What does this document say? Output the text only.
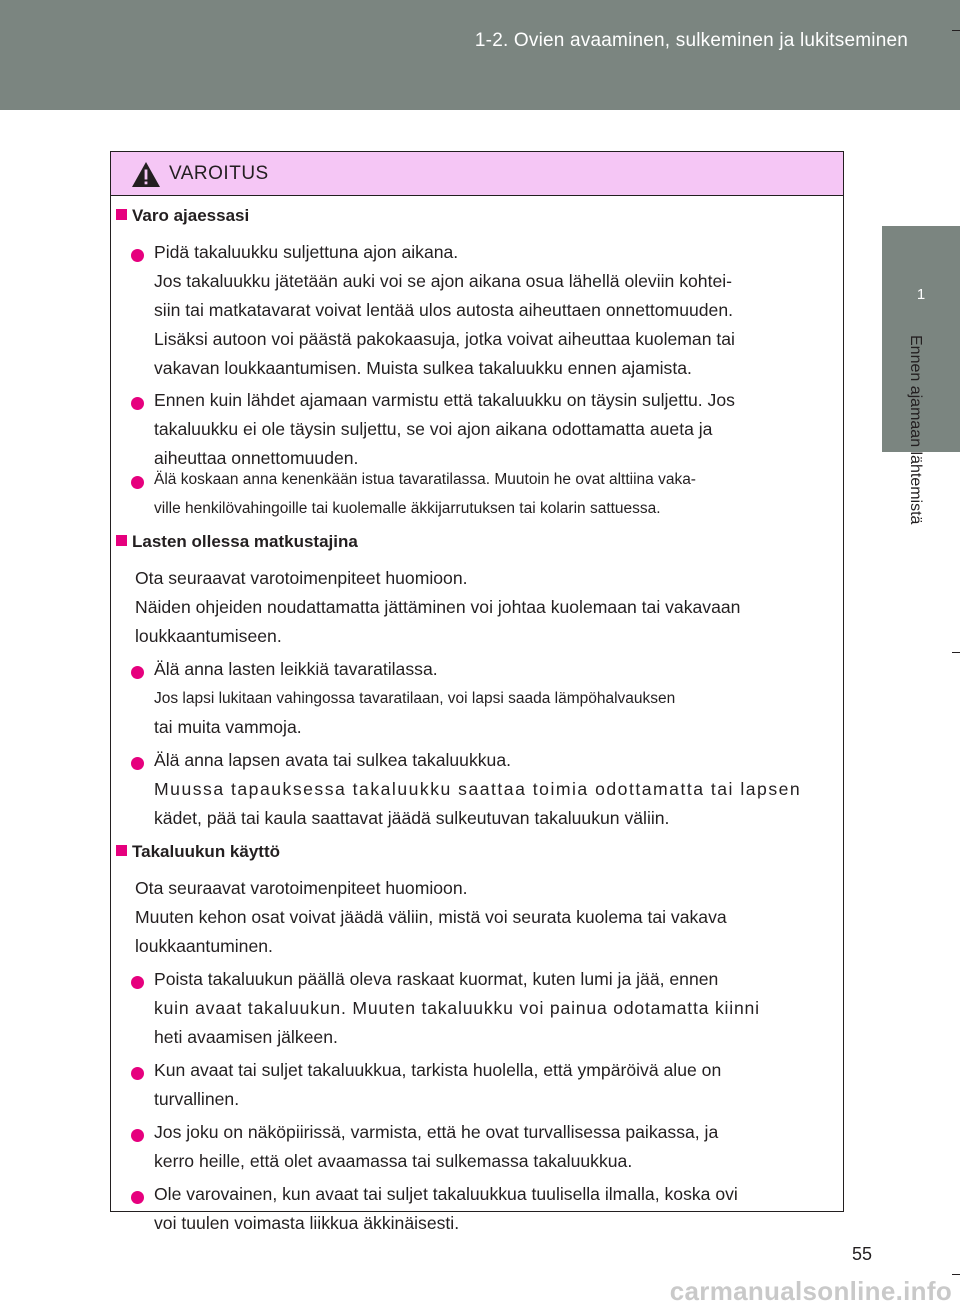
1-2. Ovien avaaminen, sulkeminen ja lukitseminen
1
Ennen ajamaan lähtemistä
VAROITUS
Varo ajaessasi
Pidä takaluukku suljettuna ajon aikana.
Jos takaluukku jätetään auki voi se ajon aikana osua lähellä oleviin kohtei-
siin tai matkatavarat voivat lentää ulos autosta aiheuttaen onnettomuuden.
Lisäksi autoon voi päästä pakokaasuja, jotka voivat aiheuttaa kuoleman tai
vakavan loukkaantumisen. Muista sulkea takaluukku ennen ajamista.
Ennen kuin lähdet ajamaan varmistu että takaluukku on täysin suljettu. Jos
takaluukku ei ole täysin suljettu, se voi ajon aikana odottamatta aueta ja
aiheuttaa onnettomuuden.
Älä koskaan anna kenenkään istua tavaratilassa. Muutoin he ovat alttiina vaka-
ville henkilövahingoille tai kuolemalle äkkijarrutuksen tai kolarin sattuessa.
Lasten ollessa matkustajina
Ota seuraavat varotoimenpiteet huomioon.
Näiden ohjeiden noudattamatta jättäminen voi johtaa kuolemaan tai vakavaan
loukkaantumiseen.
Älä anna lasten leikkiä tavaratilassa.
Jos lapsi lukitaan vahingossa tavaratilaan, voi lapsi saada lämpöhalvauksen
tai muita vammoja.
Älä anna lapsen avata tai sulkea takaluukkua.
Muussa tapauksessa takaluukku saattaa toimia odottamatta tai lapsen
kädet, pää tai kaula saattavat jäädä sulkeutuvan takaluukun väliin.
Takaluukun käyttö
Ota seuraavat varotoimenpiteet huomioon.
Muuten kehon osat voivat jäädä väliin, mistä voi seurata kuolema tai vakava
loukkaantuminen.
Poista takaluukun päällä oleva raskaat kuormat, kuten lumi ja jää, ennen
kuin avaat takaluukun. Muuten takaluukku voi painua odotamatta kiinni
heti avaamisen jälkeen.
Kun avaat tai suljet takaluukkua, tarkista huolella, että ympäröivä alue on
turvallinen.
Jos joku on näköpiirissä, varmista, että he ovat turvallisessa paikassa, ja
kerro heille, että olet avaamassa tai sulkemassa takaluukkua.
Ole varovainen, kun avaat tai suljet takaluukkua tuulisella ilmalla, koska ovi
voi tuulen voimasta liikkua äkkinäisesti.
55
carmanualsonline.info
